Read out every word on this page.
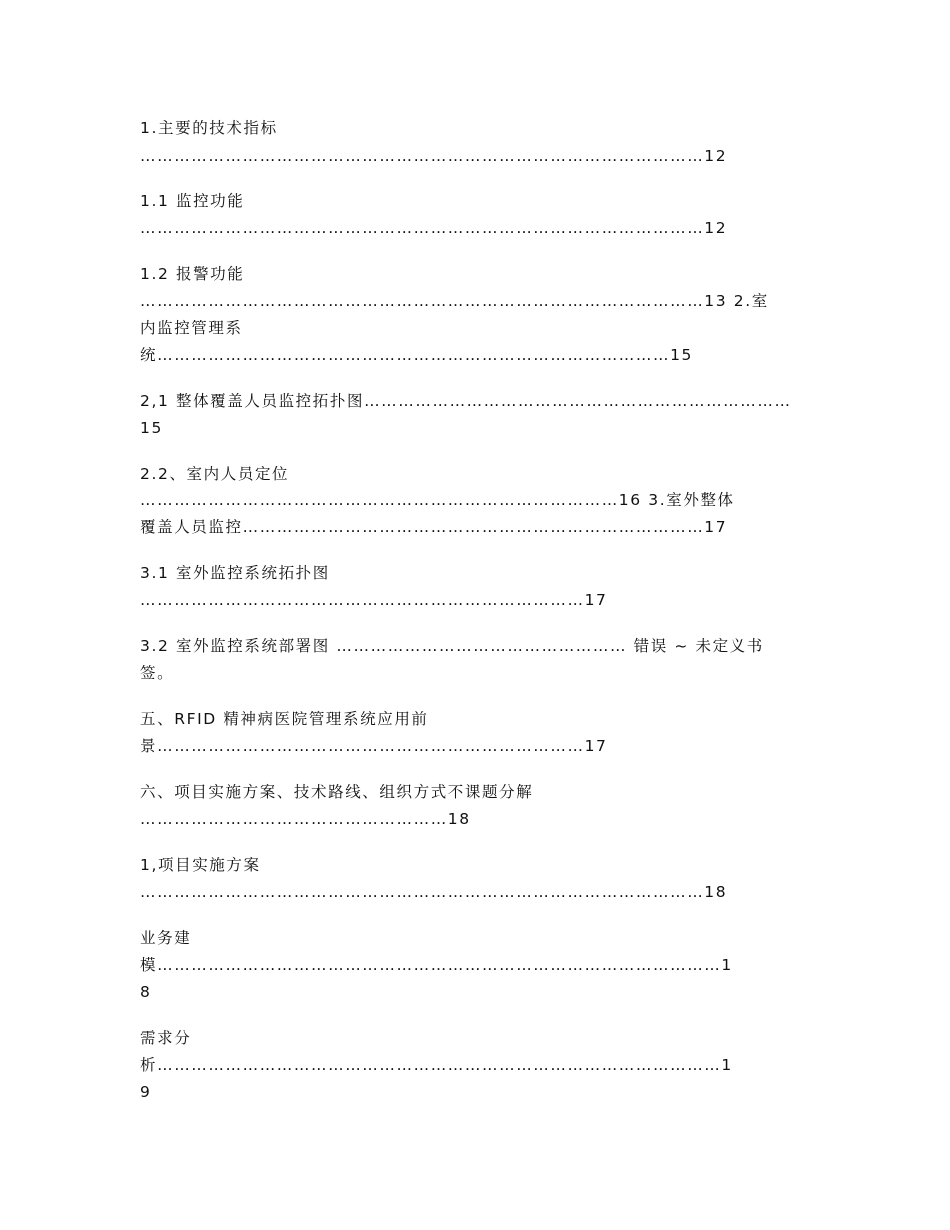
1.主要的技术指标
………………………………………………………………………………………12
1.1 监控功能
………………………………………………………………………………………12
1.2 报警功能
………………………………………………………………………………………13 2.室
内监控管理系
统………………………………………………………………………………15
2,1 整体覆盖人员监控拓扑图…………………………………………………………………
15
2.2、室内人员定位
…………………………………………………………………………16 3.室外整体
覆盖人员监控………………………………………………………………………17
3.1 室外监控系统拓扑图
……………………………………………………………………17
3.2 室外监控系统部署图 …………………………………………… 错误 ~ 未定义书
签。
五、RFID 精神病医院管理系统应用前
景…………………………………………………………………17
六、项目实施方案、技术路线、组织方式不课题分解
………………………………………………18
1,项目实施方案
………………………………………………………………………………………18
业务建
模………………………………………………………………………………………1
8
需求分
析………………………………………………………………………………………1
9
